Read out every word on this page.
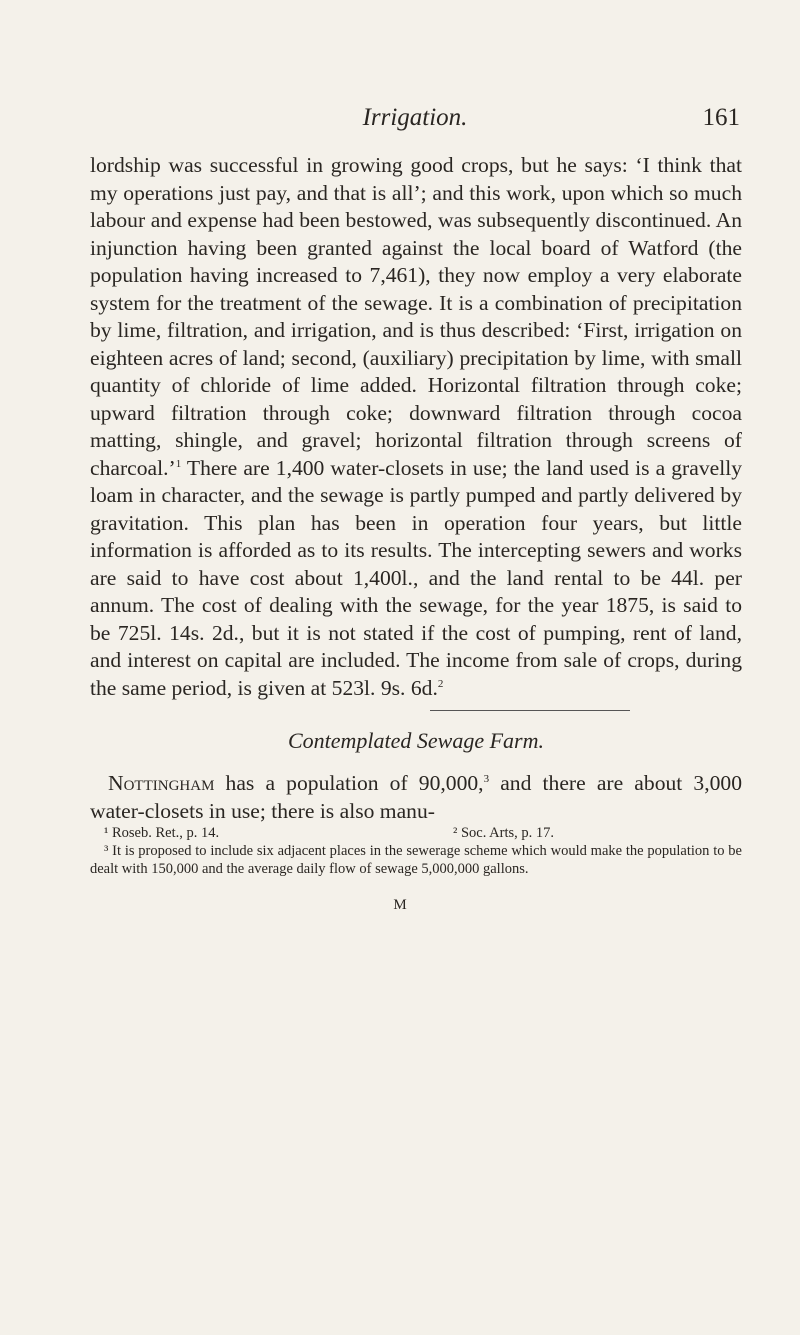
Irrigation.	161

lordship was successful in growing good crops, but he says: ‘I think that my operations just pay, and that is all’; and this work, upon which so much labour and expense had been bestowed, was subsequently discontinued. An injunction having been granted against the local board of Watford (the population having increased to 7,461), they now employ a very elaborate system for the treatment of the sewage. It is a combination of precipitation by lime, filtration, and irrigation, and is thus described: ‘First, irrigation on eighteen acres of land; second, (auxiliary) precipitation by lime, with small quantity of chloride of lime added. Horizontal filtration through coke; upward filtration through coke; downward filtration through cocoa matting, shingle, and gravel; horizontal filtration through screens of charcoal.’$^1$ There are 1,400 water-closets in use; the land used is a gravelly loam in character, and the sewage is partly pumped and partly delivered by gravitation. This plan has been in operation four years, but little information is afforded as to its results. The intercepting sewers and works are said to have cost about 1,400l., and the land rental to be 44l. per annum. The cost of dealing with the sewage, for the year 1875, is said to be 725l. 14s. 2d., but it is not stated if the cost of pumping, rent of land, and interest on capital are included. The income from sale of crops, during the same period, is given at 523l. 9s. 6d.$^2$

Contemplated Sewage Farm.

Nottingham has a population of 90,000,$^3$ and there are about 3,000 water-closets in use; there is also manu-

¹ Roseb. Ret., p. 14.	² Soc. Arts, p. 17.

³ It is proposed to include six adjacent places in the sewerage scheme which would make the population to be dealt with 150,000 and the average daily flow of sewage 5,000,000 gallons.

M
